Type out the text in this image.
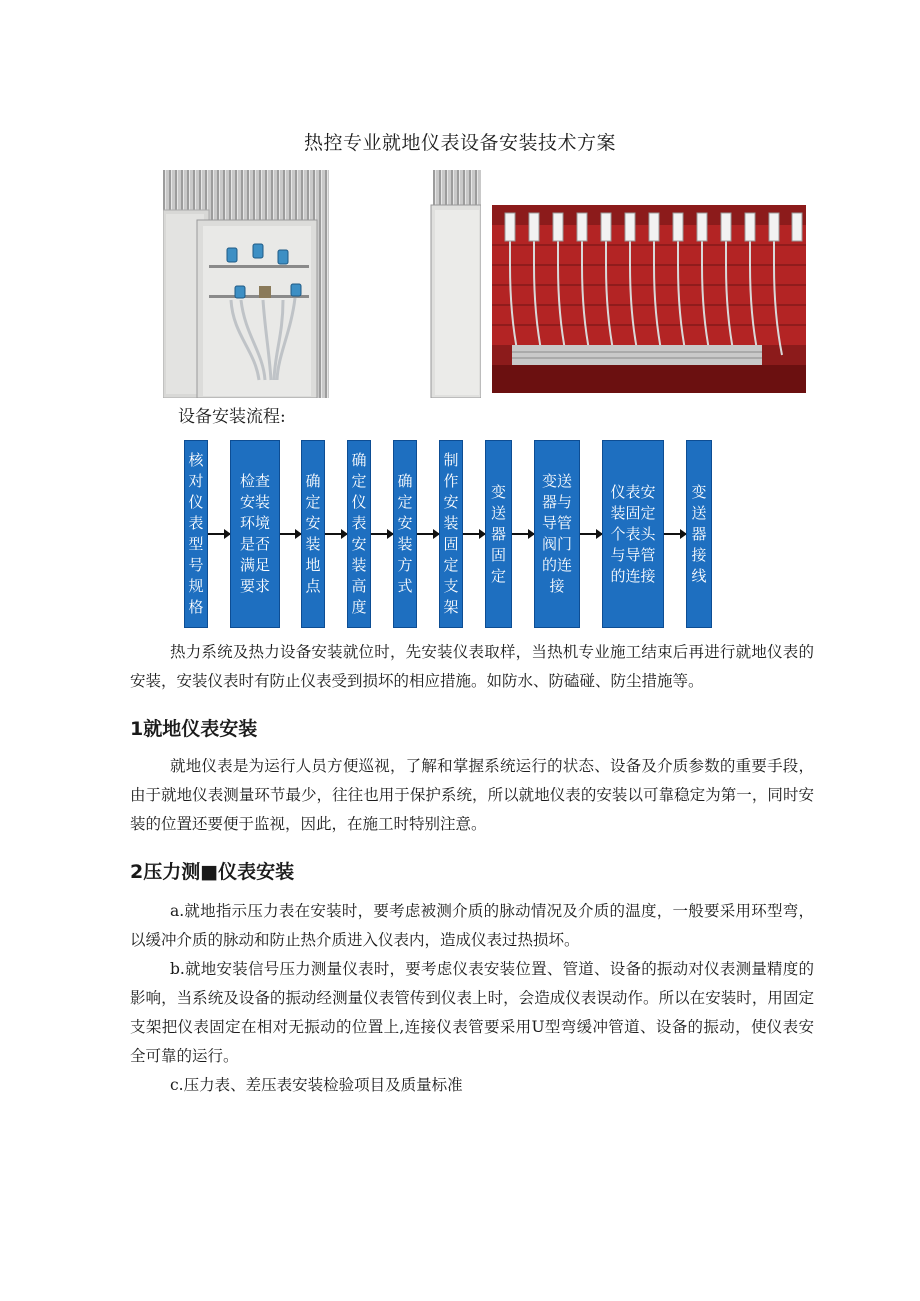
热控专业就地仪表设备安装技术方案
设备安装流程:
核对仪表型号规格
检查安装环境是否满足要求
确定安装地点
确定仪表安装高度
确定安装方式
制作安装固定支架
变送器固定
变送器与导管阀门的连接
仪表安装固定个表头与导管的连接
变送器接线

热力系统及热力设备安装就位时，先安装仪表取样，当热机专业施工结束后再进行就地仪表的安装，安装仪表时有防止仪表受到损坏的相应措施。如防水、防磕碰、防尘措施等。

1就地仪表安装

就地仪表是为运行人员方便巡视，了解和掌握系统运行的状态、设备及介质参数的重要手段，由于就地仪表测量环节最少，往往也用于保护系统，所以就地仪表的安装以可靠稳定为第一，同时安装的位置还要便于监视，因此，在施工时特别注意。

2压力测■仪表安装

a.就地指示压力表在安装时，要考虑被测介质的脉动情况及介质的温度，一般要采用环型弯，以缓冲介质的脉动和防止热介质进入仪表内，造成仪表过热损坏。

b.就地安装信号压力测量仪表时，要考虑仪表安装位置、管道、设备的振动对仪表测量精度的影响，当系统及设备的振动经测量仪表管传到仪表上时，会造成仪表误动作。所以在安装时，用固定支架把仪表固定在相对无振动的位置上,连接仪表管要采用U型弯缓冲管道、设备的振动，使仪表安全可靠的运行。

c.压力表、差压表安装检验项目及质量标准
